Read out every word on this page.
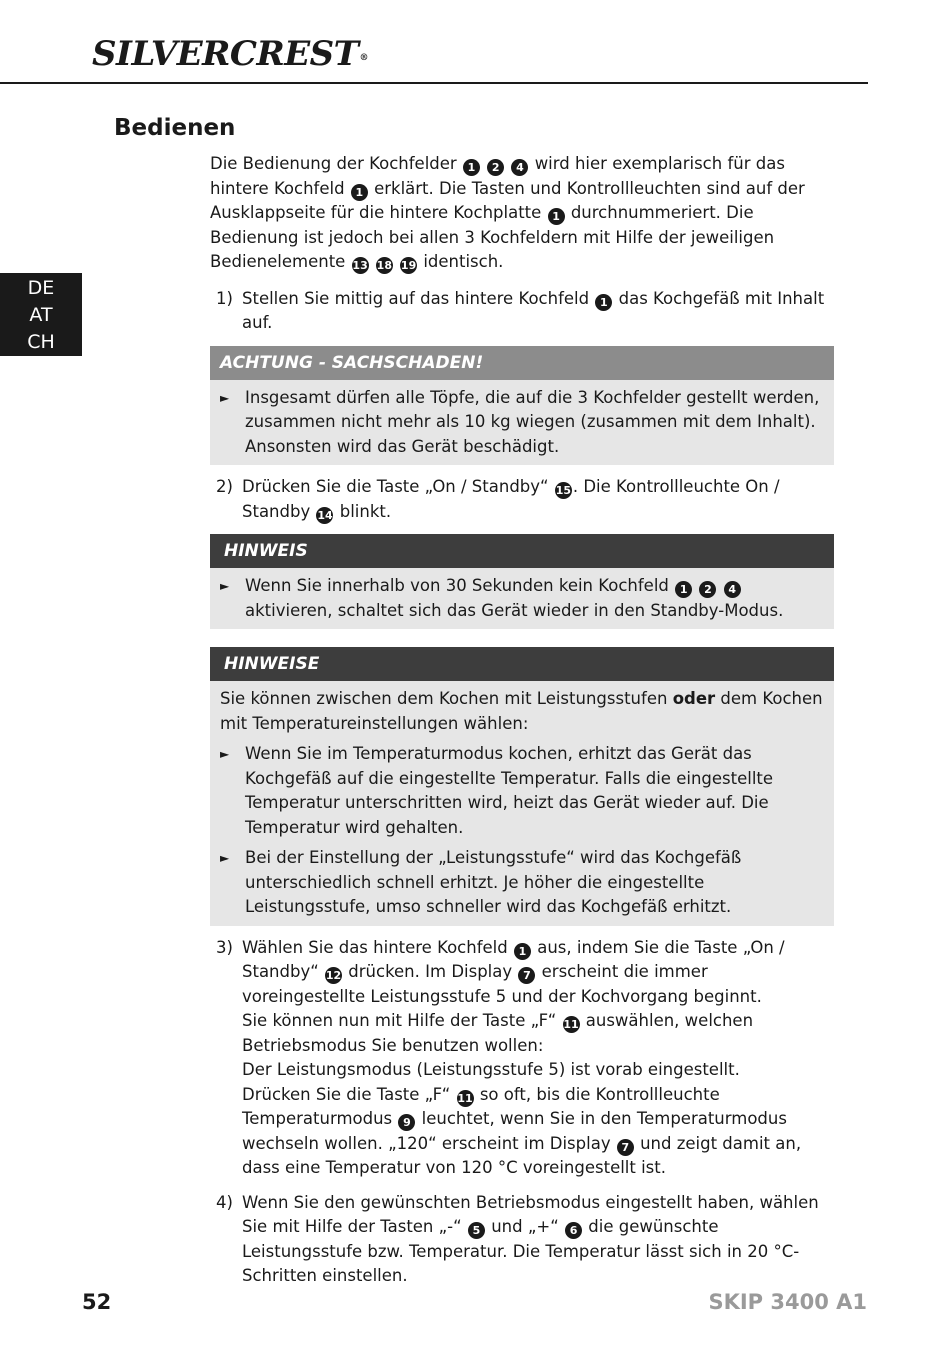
SILVERCREST®
DE
AT
CH
Bedienen

Die Bedienung der Kochfelder 1 2 4 wird hier exemplarisch für das hintere Kochfeld 1 erklärt. Die Tasten und Kontrollleuchten sind auf der Ausklappseite für die hintere Kochplatte 1 durchnummeriert. Die Bedienung ist jedoch bei allen 3 Kochfeldern mit Hilfe der jeweiligen Bedienelemente 13 18 19 identisch.

1) Stellen Sie mittig auf das hintere Kochfeld 1 das Kochgefäß mit Inhalt auf.
ACHTUNG - SACHSCHADEN!
► Insgesamt dürfen alle Töpfe, die auf die 3 Kochfelder gestellt werden, zusammen nicht mehr als 10 kg wiegen (zusammen mit dem Inhalt). Ansonsten wird das Gerät beschädigt.
2) Drücken Sie die Taste „On / Standby“ 15 . Die Kontrollleuchte On / Standby 14 blinkt.
HINWEIS
► Wenn Sie innerhalb von 30 Sekunden kein Kochfeld 1 2 4 aktivieren, schaltet sich das Gerät wieder in den Standby-Modus.
HINWEISE

Sie können zwischen dem Kochen mit Leistungsstufen oder dem Kochen mit Temperatureinstellungen wählen:

► Wenn Sie im Temperaturmodus kochen, erhitzt das Gerät das Kochgefäß auf die eingestellte Temperatur. Falls die eingestellte Temperatur unterschritten wird, heizt das Gerät wieder auf. Die Temperatur wird gehalten.
► Bei der Einstellung der „Leistungsstufe“ wird das Kochgefäß unterschiedlich schnell erhitzt. Je höher die eingestellte Leistungsstufe, umso schneller wird das Kochgefäß erhitzt.
3) Wählen Sie das hintere Kochfeld 1 aus, indem Sie die Taste „On / Standby“ 12 drücken. Im Display 7 erscheint die immer voreingestellte Leistungsstufe 5 und der Kochvorgang beginnt.
Sie können nun mit Hilfe der Taste „F“ 11 auswählen, welchen Betriebsmodus Sie benutzen wollen:
Der Leistungsmodus (Leistungsstufe 5) ist vorab eingestellt.
Drücken Sie die Taste „F“ 11 so oft, bis die Kontrollleuchte Temperaturmodus 9 leuchtet, wenn Sie in den Temperaturmodus wechseln wollen. „120“ erscheint im Display 7 und zeigt damit an, dass eine Temperatur von 120 °C voreingestellt ist.
4) Wenn Sie den gewünschten Betriebsmodus eingestellt haben, wählen Sie mit Hilfe der Tasten „-“ 5 und „+“ 6 die gewünschte Leistungsstufe bzw. Temperatur. Die Temperatur lässt sich in 20 °C-Schritten einstellen.
52	SKIP 3400 A1
